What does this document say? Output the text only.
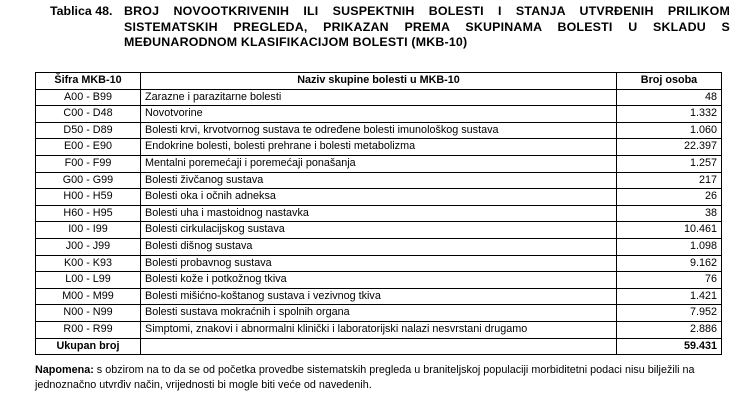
Tablica 48. BROJ NOVOOTKRIVENIH ILI SUSPEKTNIH BOLESTI I STANJA UTVRĐENIH PRILIKOM SISTEMATSKIH PREGLEDA, PRIKAZAN PREMA SKUPINAMA BOLESTI U SKLADU S MEĐUNARODNOM KLASIFIKACIJOM BOLESTI (MKB-10)
Šifra MKB-10	Naziv skupine bolesti u MKB-10	Broj osoba
A00 - B99	Zarazne i parazitarne bolesti	48
C00 - D48	Novotvorine	1.332
D50 - D89	Bolesti krvi, krvotvornog sustava te određene bolesti imunološkog sustava	1.060
E00 - E90	Endokrine bolesti, bolesti prehrane i bolesti metabolizma	22.397
F00 - F99	Mentalni poremećaji i poremećaji ponašanja	1.257
G00 - G99	Bolesti živčanog sustava	217
H00 - H59	Bolesti oka i očnih adneksa	26
H60 - H95	Bolesti uha i mastoidnog nastavka	38
I00 - I99	Bolesti cirkulacijskog sustava	10.461
J00 - J99	Bolesti dišnog sustava	1.098
K00 - K93	Bolesti probavnog sustava	9.162
L00 - L99	Bolesti kože i potkožnog tkiva	76
M00 - M99	Bolesti mišićno-koštanog sustava i vezivnog tkiva	1.421
N00 - N99	Bolesti sustava mokraćnih i spolnih organa	7.952
R00 - R99	Simptomi, znakovi i abnormalni klinički i laboratorijski nalazi nesvrstani drugamo	2.886
Ukupan broj		59.431
Napomena: s obzirom na to da se od početka provedbe sistematskih pregleda u braniteljskoj populaciji morbiditetni podaci nisu bilježili na jednoznačno utvrđiv način, vrijednosti bi mogle biti veće od navedenih.
